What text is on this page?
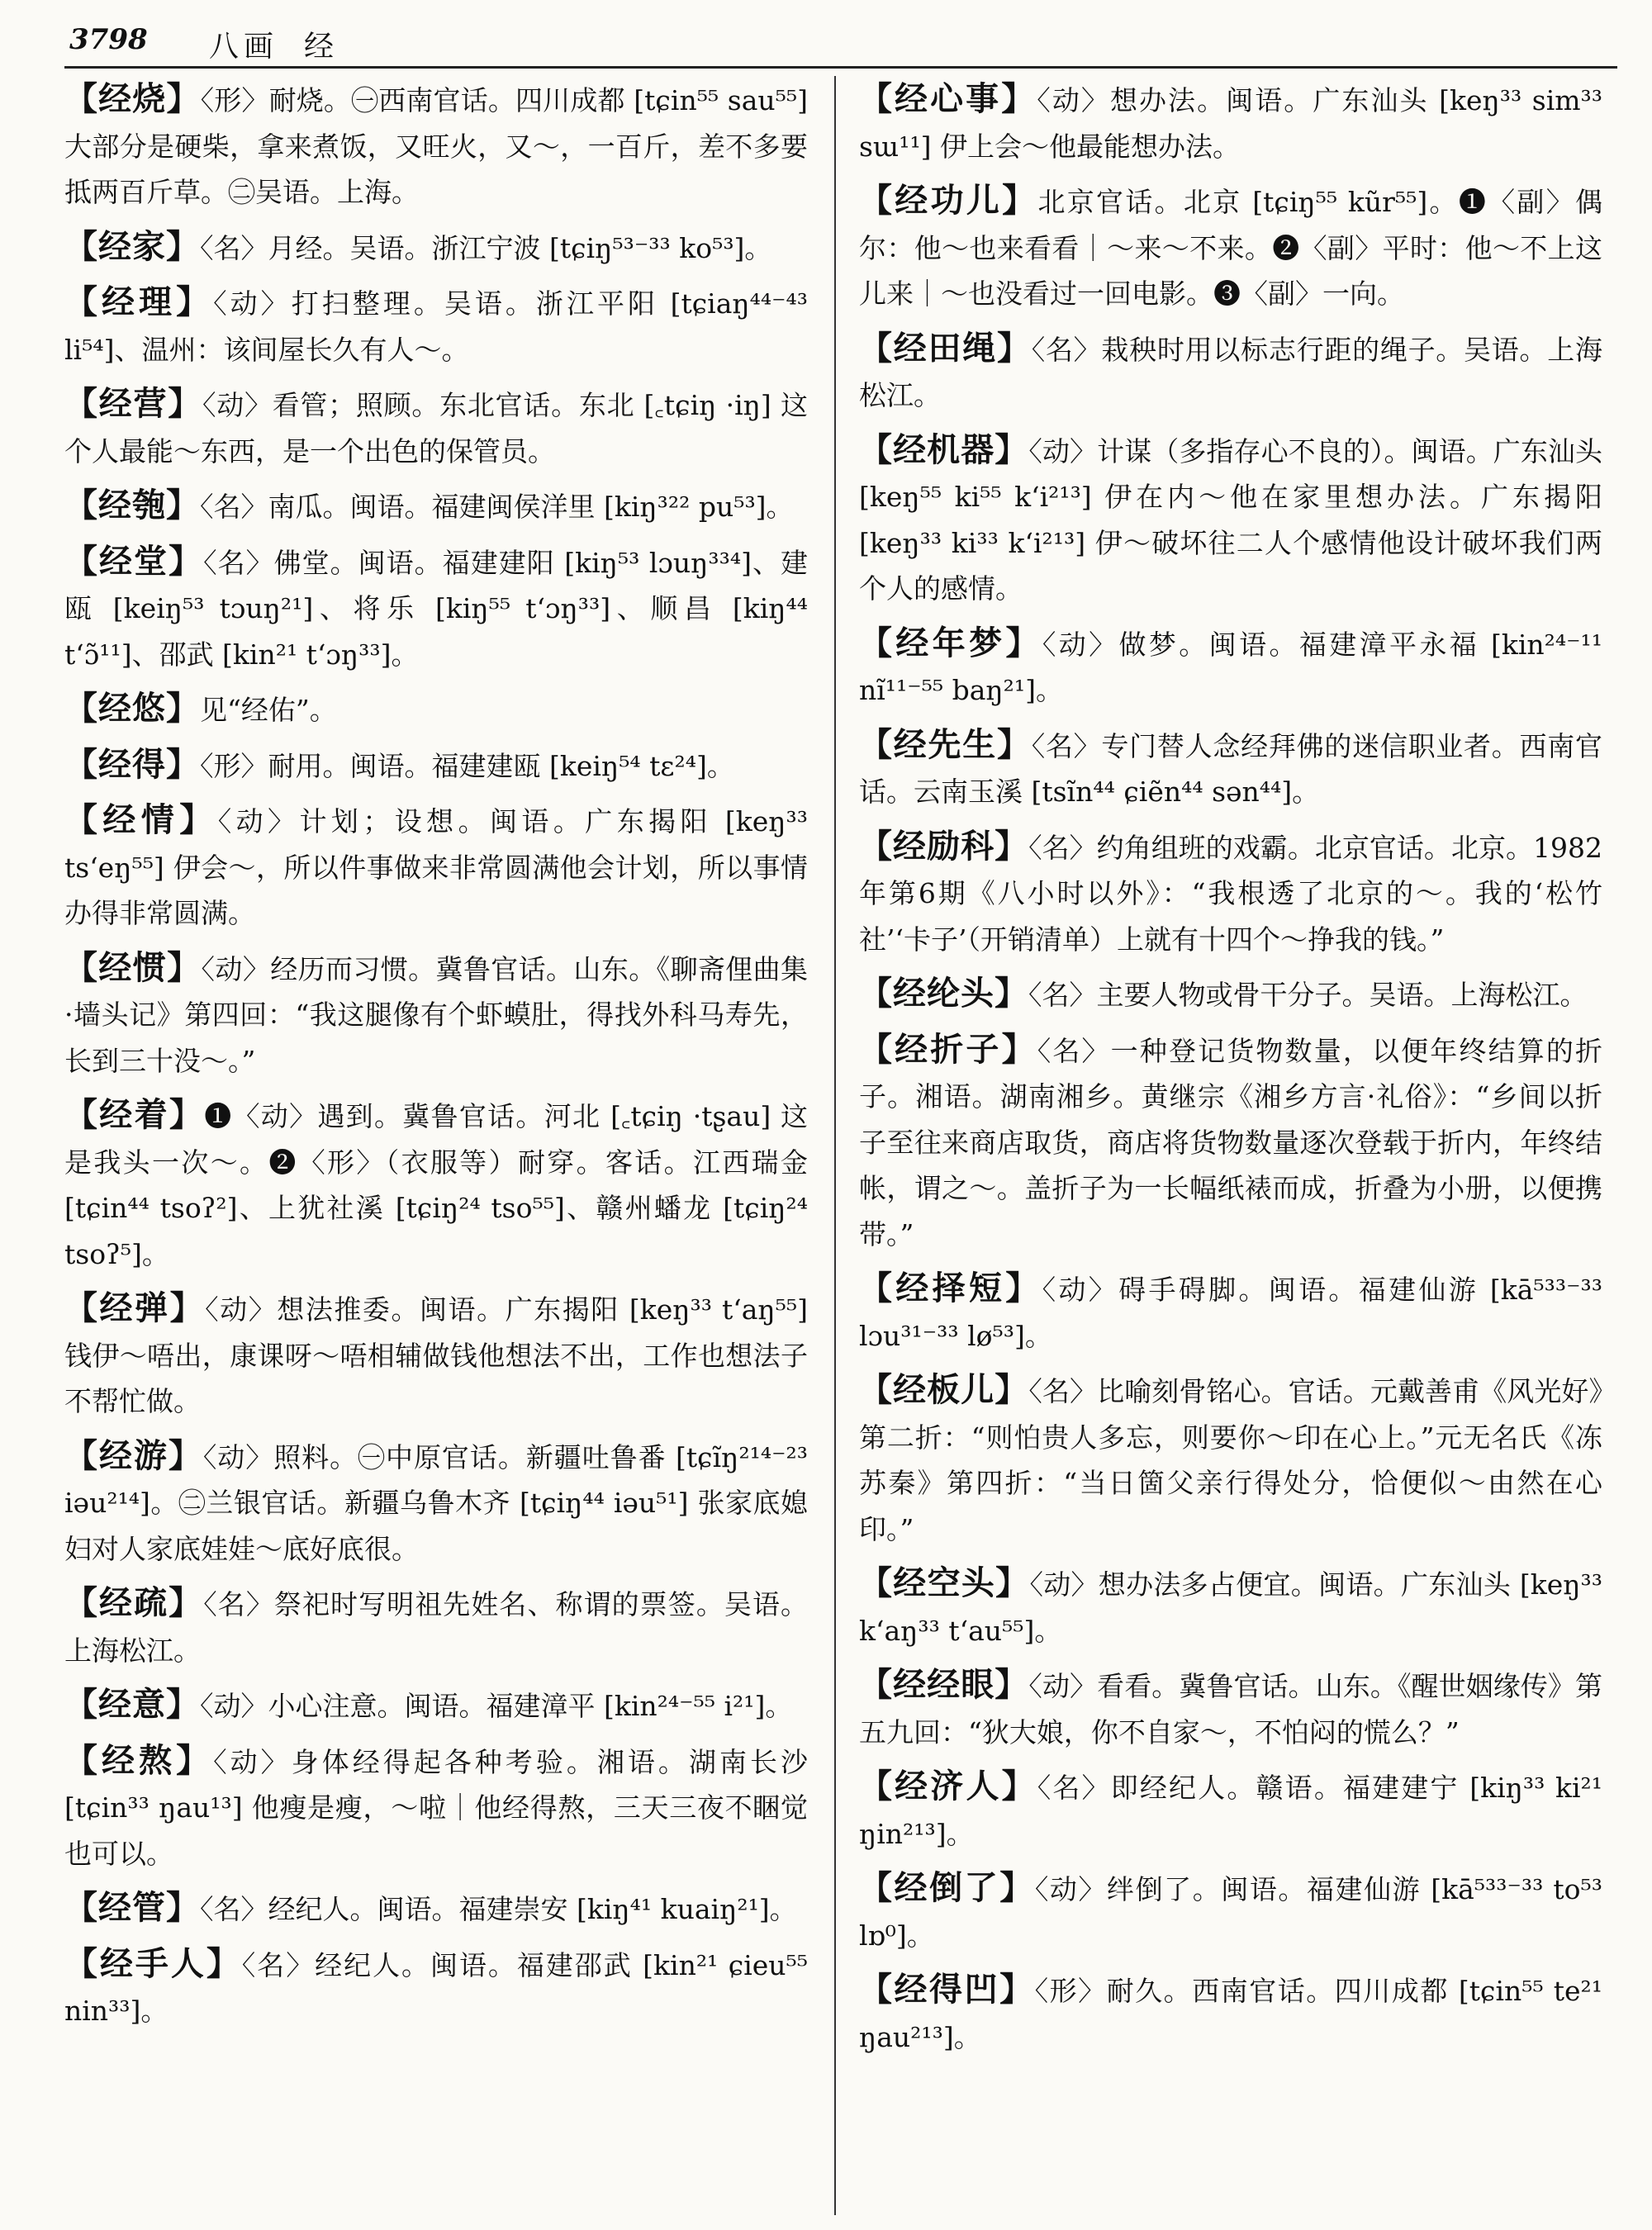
3798 八画 经

【经烧】〈形〉耐烧。㊀西南官话。四川成都 [tɕin⁵⁵ sau⁵⁵] 大部分是硬柴，拿来煮饭，又旺火，又～，一百斤，差不多要抵两百斤草。㊁吴语。上海。

【经家】〈名〉月经。吴语。浙江宁波 [tɕiŋ⁵³⁻³³ ko⁵³]。

【经理】〈动〉打扫整理。吴语。浙江平阳 [tɕiaŋ⁴⁴⁻⁴³ li⁵⁴]、温州：该间屋长久有人～。

【经营】〈动〉看管；照顾。东北官话。东北 [꜀tɕiŋ ·iŋ] 这个人最能～东西，是一个出色的保管员。

【经匏】〈名〉南瓜。闽语。福建闽侯洋里 [kiŋ³²² pu⁵³]。

【经堂】〈名〉佛堂。闽语。福建建阳 [kiŋ⁵³ lɔuŋ³³⁴]、建瓯 [keiŋ⁵³ tɔuŋ²¹]、将乐 [kiŋ⁵⁵ tʻɔŋ³³]、顺昌 [kiŋ⁴⁴ tʻɔ̃¹¹]、邵武 [kin²¹ tʻɔŋ³³]。

【经悠】见“经佑”。

【经得】〈形〉耐用。闽语。福建建瓯 [keiŋ⁵⁴ tɛ²⁴]。

【经情】〈动〉计划；设想。闽语。广东揭阳 [keŋ³³ tsʻeŋ⁵⁵] 伊会～，所以件事做来非常圆满他会计划，所以事情办得非常圆满。

【经惯】〈动〉经历而习惯。冀鲁官话。山东。《聊斋俚曲集·墙头记》第四回：“我这腿像有个虾蟆肚，得找外科马寿先，长到三十没～。”

【经着】❶〈动〉遇到。冀鲁官话。河北 [꜀tɕiŋ ·tʂau] 这是我头一次～。❷〈形〉（衣服等）耐穿。客话。江西瑞金 [tɕin⁴⁴ tsoʔ²]、上犹社溪 [tɕiŋ²⁴ tso⁵⁵]、赣州蟠龙 [tɕiŋ²⁴ tsoʔ⁵]。

【经弹】〈动〉想法推委。闽语。广东揭阳 [keŋ³³ tʻaŋ⁵⁵] 钱伊～唔出，康课呀～唔相辅做钱他想法不出，工作也想法子不帮忙做。

【经游】〈动〉照料。㊀中原官话。新疆吐鲁番 [tɕĩŋ²¹⁴⁻²³ iəu²¹⁴]。㊁兰银官话。新疆乌鲁木齐 [tɕiŋ⁴⁴ iəu⁵¹] 张家底媳妇对人家底娃娃～底好底很。

【经疏】〈名〉祭祀时写明祖先姓名、称谓的票签。吴语。上海松江。

【经意】〈动〉小心注意。闽语。福建漳平 [kin²⁴⁻⁵⁵ i²¹]。

【经熬】〈动〉身体经得起各种考验。湘语。湖南长沙 [tɕin³³ ŋau¹³] 他瘦是瘦，～啦｜他经得熬，三天三夜不睏觉也可以。

【经管】〈名〉经纪人。闽语。福建崇安 [kiŋ⁴¹ kuaiŋ²¹]。

【经手人】〈名〉经纪人。闽语。福建邵武 [kin²¹ ɕieu⁵⁵ nin³³]。

【经心事】〈动〉想办法。闽语。广东汕头 [keŋ³³ sim³³ sɯ¹¹] 伊上会～他最能想办法。

【经功儿】北京官话。北京 [tɕiŋ⁵⁵ kũr⁵⁵]。❶〈副〉偶尔：他～也来看看｜～来～不来。❷〈副〉平时：他～不上这儿来｜～也没看过一回电影。❸〈副〉一向。

【经田绳】〈名〉栽秧时用以标志行距的绳子。吴语。上海松江。

【经机器】〈动〉计谋（多指存心不良的）。闽语。广东汕头 [keŋ⁵⁵ ki⁵⁵ kʻi²¹³] 伊在内～他在家里想办法。广东揭阳 [keŋ³³ ki³³ kʻi²¹³] 伊～破坏往二人个感情他设计破坏我们两个人的感情。

【经年梦】〈动〉做梦。闽语。福建漳平永福 [kin²⁴⁻¹¹ nĩ¹¹⁻⁵⁵ baŋ²¹]。

【经先生】〈名〉专门替人念经拜佛的迷信职业者。西南官话。云南玉溪 [tsĩn⁴⁴ ɕiẽn⁴⁴ sən⁴⁴]。

【经励科】〈名〉约角组班的戏霸。北京官话。北京。1982年第6期《八小时以外》：“我根透了北京的～。我的‘松竹社’‘卡子’（开销清单）上就有十四个～挣我的钱。”

【经纶头】〈名〉主要人物或骨干分子。吴语。上海松江。

【经折子】〈名〉一种登记货物数量，以便年终结算的折子。湘语。湖南湘乡。黄继宗《湘乡方言·礼俗》：“乡间以折子至往来商店取货，商店将货物数量逐次登载于折内，年终结帐，谓之～。盖折子为一长幅纸裱而成，折叠为小册，以便携带。”

【经择短】〈动〉碍手碍脚。闽语。福建仙游 [kā⁵³³⁻³³ lɔu³¹⁻³³ lø⁵³]。

【经板儿】〈名〉比喻刻骨铭心。官话。元戴善甫《风光好》第二折：“则怕贵人多忘，则要你～印在心上。”元无名氏《冻苏秦》第四折：“当日箇父亲行得处分，恰便似～由然在心印。”

【经空头】〈动〉想办法多占便宜。闽语。广东汕头 [keŋ³³ kʻaŋ³³ tʻau⁵⁵]。

【经经眼】〈动〉看看。冀鲁官话。山东。《醒世姻缘传》第五九回：“狄大娘，你不自家～，不怕闷的慌么？”

【经济人】〈名〉即经纪人。赣语。福建建宁 [kiŋ³³ ki²¹ ŋin²¹³]。

【经倒了】〈动〉绊倒了。闽语。福建仙游 [kā⁵³³⁻³³ to⁵³ lɒ⁰]。

【经得凹】〈形〉耐久。西南官话。四川成都 [tɕin⁵⁵ te²¹ ŋau²¹³]。
